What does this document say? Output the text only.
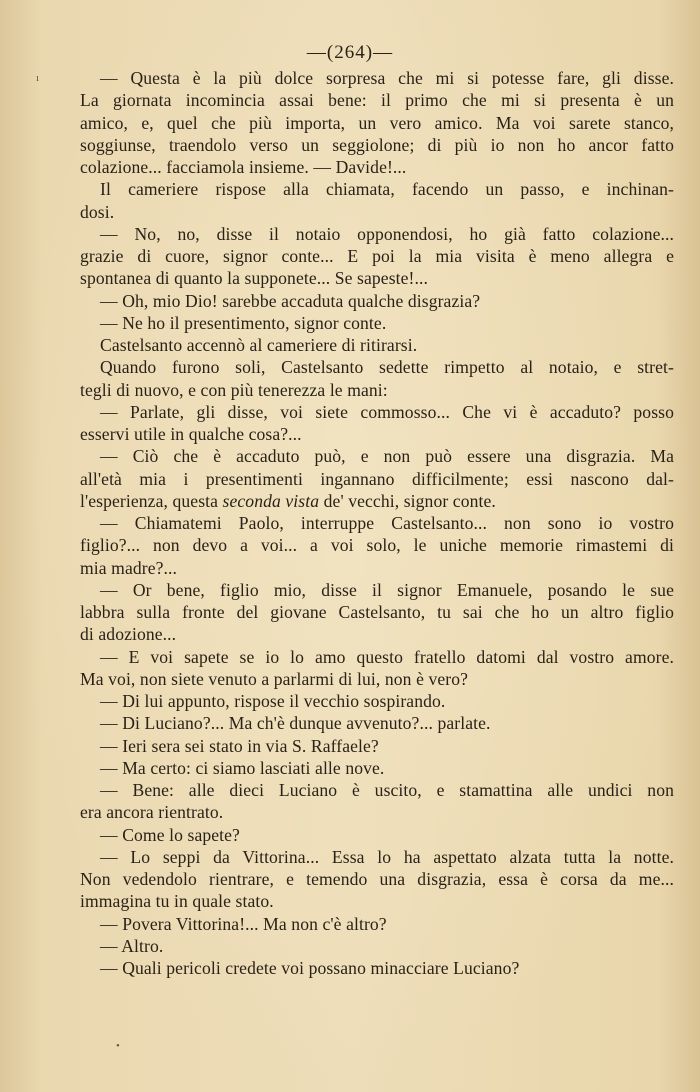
—(264)—
— Questa è la più dolce sorpresa che mi si potesse fare, gli disse.
La giornata incomincia assai bene: il primo che mi si presenta è un
amico, e, quel che più importa, un vero amico. Ma voi sarete stanco,
soggiunse, traendolo verso un seggiolone; di più io non ho ancor fatto
colazione... facciamola insieme. — Davide!...
Il cameriere rispose alla chiamata, facendo un passo, e inchinan-
dosi.
— No, no, disse il notaio opponendosi, ho già fatto colazione...
grazie di cuore, signor conte... E poi la mia visita è meno allegra e
spontanea di quanto la supponete... Se sapeste!...
— Oh, mio Dio! sarebbe accaduta qualche disgrazia?
— Ne ho il presentimento, signor conte.
Castelsanto accennò al cameriere di ritirarsi.
Quando furono soli, Castelsanto sedette rimpetto al notaio, e stret-
tegli di nuovo, e con più tenerezza le mani:
— Parlate, gli disse, voi siete commosso... Che vi è accaduto? posso
esservi utile in qualche cosa?...
— Ciò che è accaduto può, e non può essere una disgrazia. Ma
all'età mia i presentimenti ingannano difficilmente; essi nascono dal-
l'esperienza, questa seconda vista de' vecchi, signor conte.
— Chiamatemi Paolo, interruppe Castelsanto... non sono io vostro
figlio?... non devo a voi... a voi solo, le uniche memorie rimastemi di
mia madre?...
— Or bene, figlio mio, disse il signor Emanuele, posando le sue
labbra sulla fronte del giovane Castelsanto, tu sai che ho un altro figlio
di adozione...
— E voi sapete se io lo amo questo fratello datomi dal vostro amore.
Ma voi, non siete venuto a parlarmi di lui, non è vero?
— Di lui appunto, rispose il vecchio sospirando.
— Di Luciano?... Ma ch'è dunque avvenuto?... parlate.
— Ieri sera sei stato in via S. Raffaele?
— Ma certo: ci siamo lasciati alle nove.
— Bene: alle dieci Luciano è uscito, e stamattina alle undici non
era ancora rientrato.
— Come lo sapete?
— Lo seppi da Vittorina... Essa lo ha aspettato alzata tutta la notte.
Non vedendolo rientrare, e temendo una disgrazia, essa è corsa da me...
immagina tu in quale stato.
— Povera Vittorina!... Ma non c'è altro?
— Altro.
— Quali pericoli credete voi possano minacciare Luciano?
ı
•
